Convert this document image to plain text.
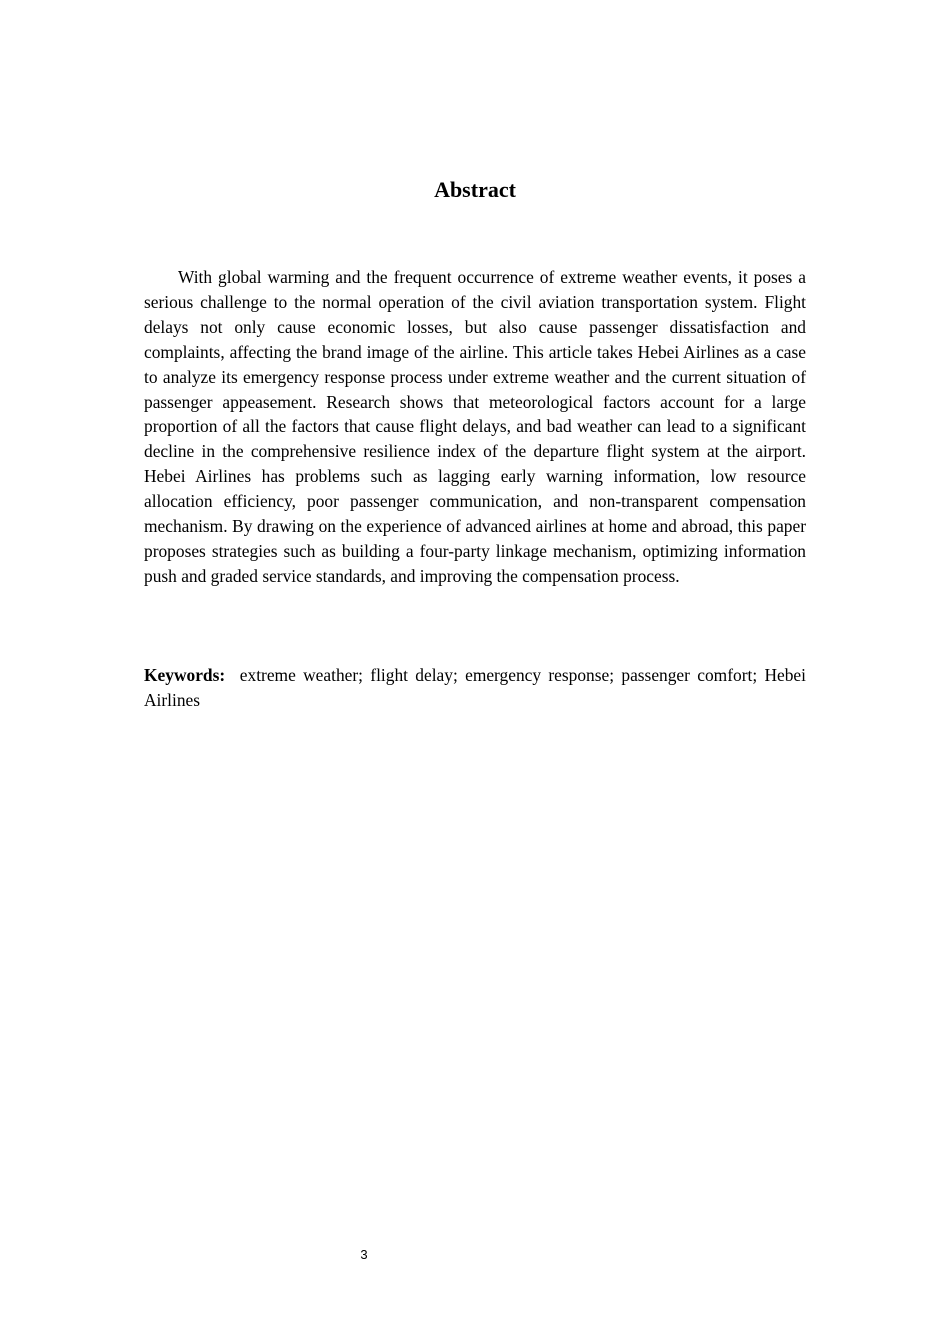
Abstract

With global warming and the frequent occurrence of extreme weather events, it poses a serious challenge to the normal operation of the civil aviation transportation system. Flight delays not only cause economic losses, but also cause passenger dissatisfaction and complaints, affecting the brand image of the airline. This article takes Hebei Airlines as a case to analyze its emergency response process under extreme weather and the current situation of passenger appeasement. Research shows that meteorological factors account for a large proportion of all the factors that cause flight delays, and bad weather can lead to a significant decline in the comprehensive resilience index of the departure flight system at the airport. Hebei Airlines has problems such as lagging early warning information, low resource allocation efficiency, poor passenger communication, and non-transparent compensation mechanism. By drawing on the experience of advanced airlines at home and abroad, this paper proposes strategies such as building a four-party linkage mechanism, optimizing information push and graded service standards, and improving the compensation process.

Keywords: extreme weather; flight delay; emergency response; passenger comfort; Hebei Airlines

3
